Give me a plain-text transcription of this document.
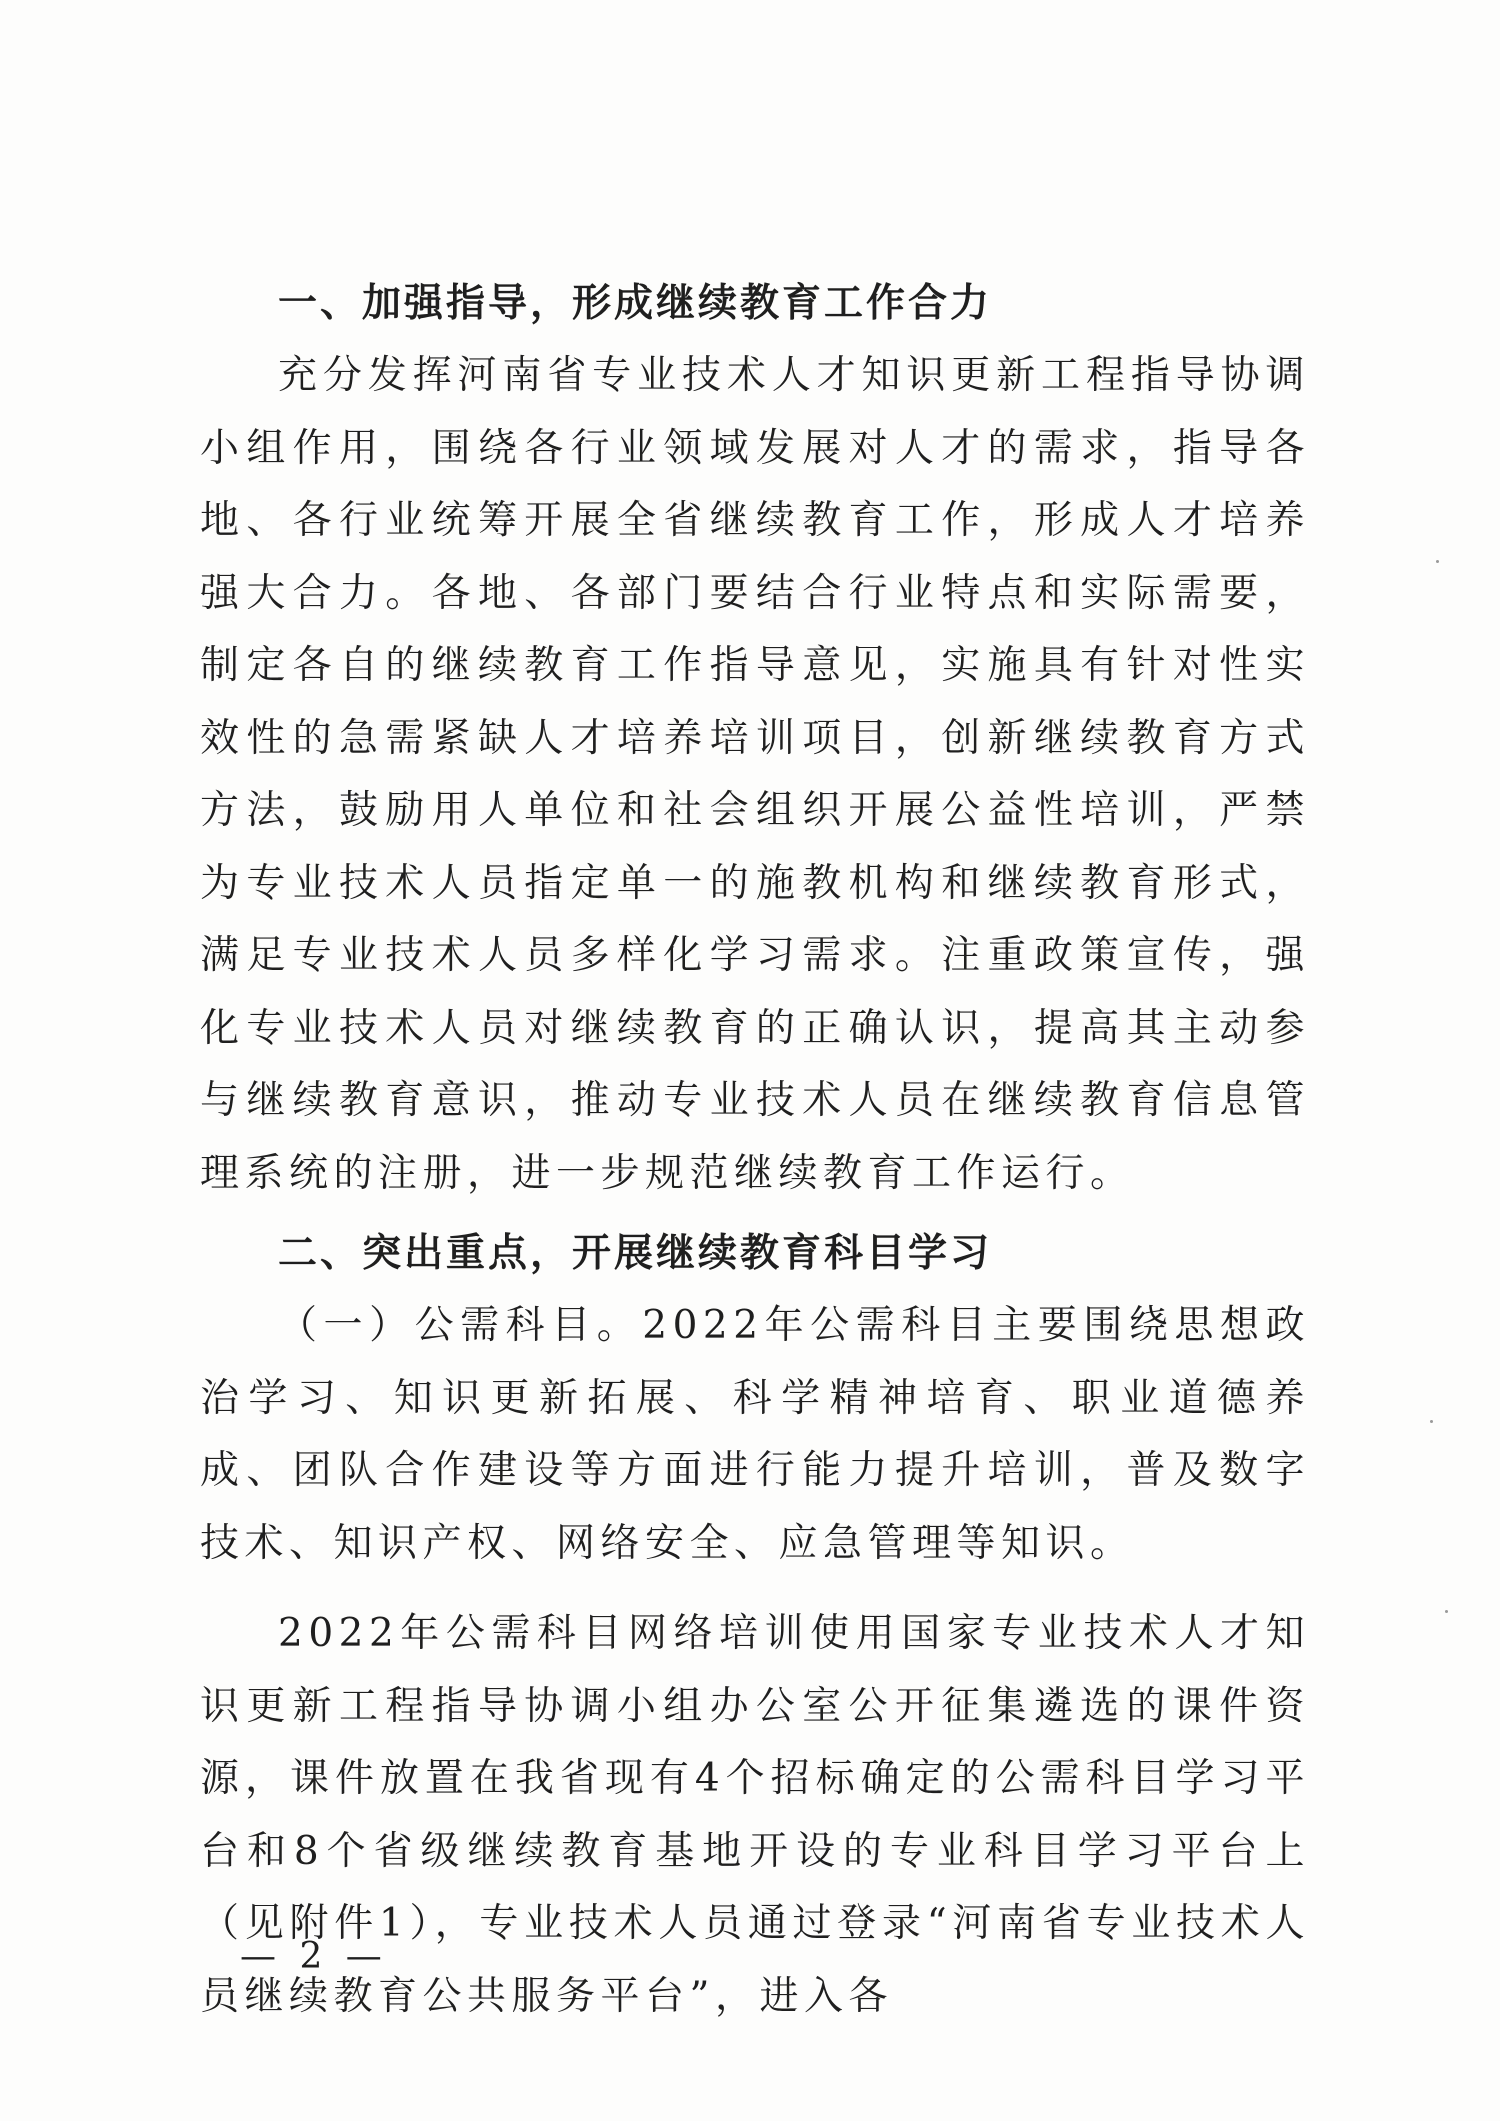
一、加强指导，形成继续教育工作合力

充分发挥河南省专业技术人才知识更新工程指导协调小组作用，围绕各行业领域发展对人才的需求，指导各地、各行业统筹开展全省继续教育工作，形成人才培养强大合力。各地、各部门要结合行业特点和实际需要，制定各自的继续教育工作指导意见，实施具有针对性实效性的急需紧缺人才培养培训项目，创新继续教育方式方法，鼓励用人单位和社会组织开展公益性培训，严禁为专业技术人员指定单一的施教机构和继续教育形式，满足专业技术人员多样化学习需求。注重政策宣传，强化专业技术人员对继续教育的正确认识，提高其主动参与继续教育意识，推动专业技术人员在继续教育信息管理系统的注册，进一步规范继续教育工作运行。

二、突出重点，开展继续教育科目学习

（一）公需科目。2022年公需科目主要围绕思想政治学习、知识更新拓展、科学精神培育、职业道德养成、团队合作建设等方面进行能力提升培训，普及数字技术、知识产权、网络安全、应急管理等知识。

2022年公需科目网络培训使用国家专业技术人才知识更新工程指导协调小组办公室公开征集遴选的课件资源，课件放置在我省现有4个招标确定的公需科目学习平台和8个省级继续教育基地开设的专业科目学习平台上（见附件1），专业技术人员通过登录“河南省专业技术人员继续教育公共服务平台”，进入各

— 2 —
